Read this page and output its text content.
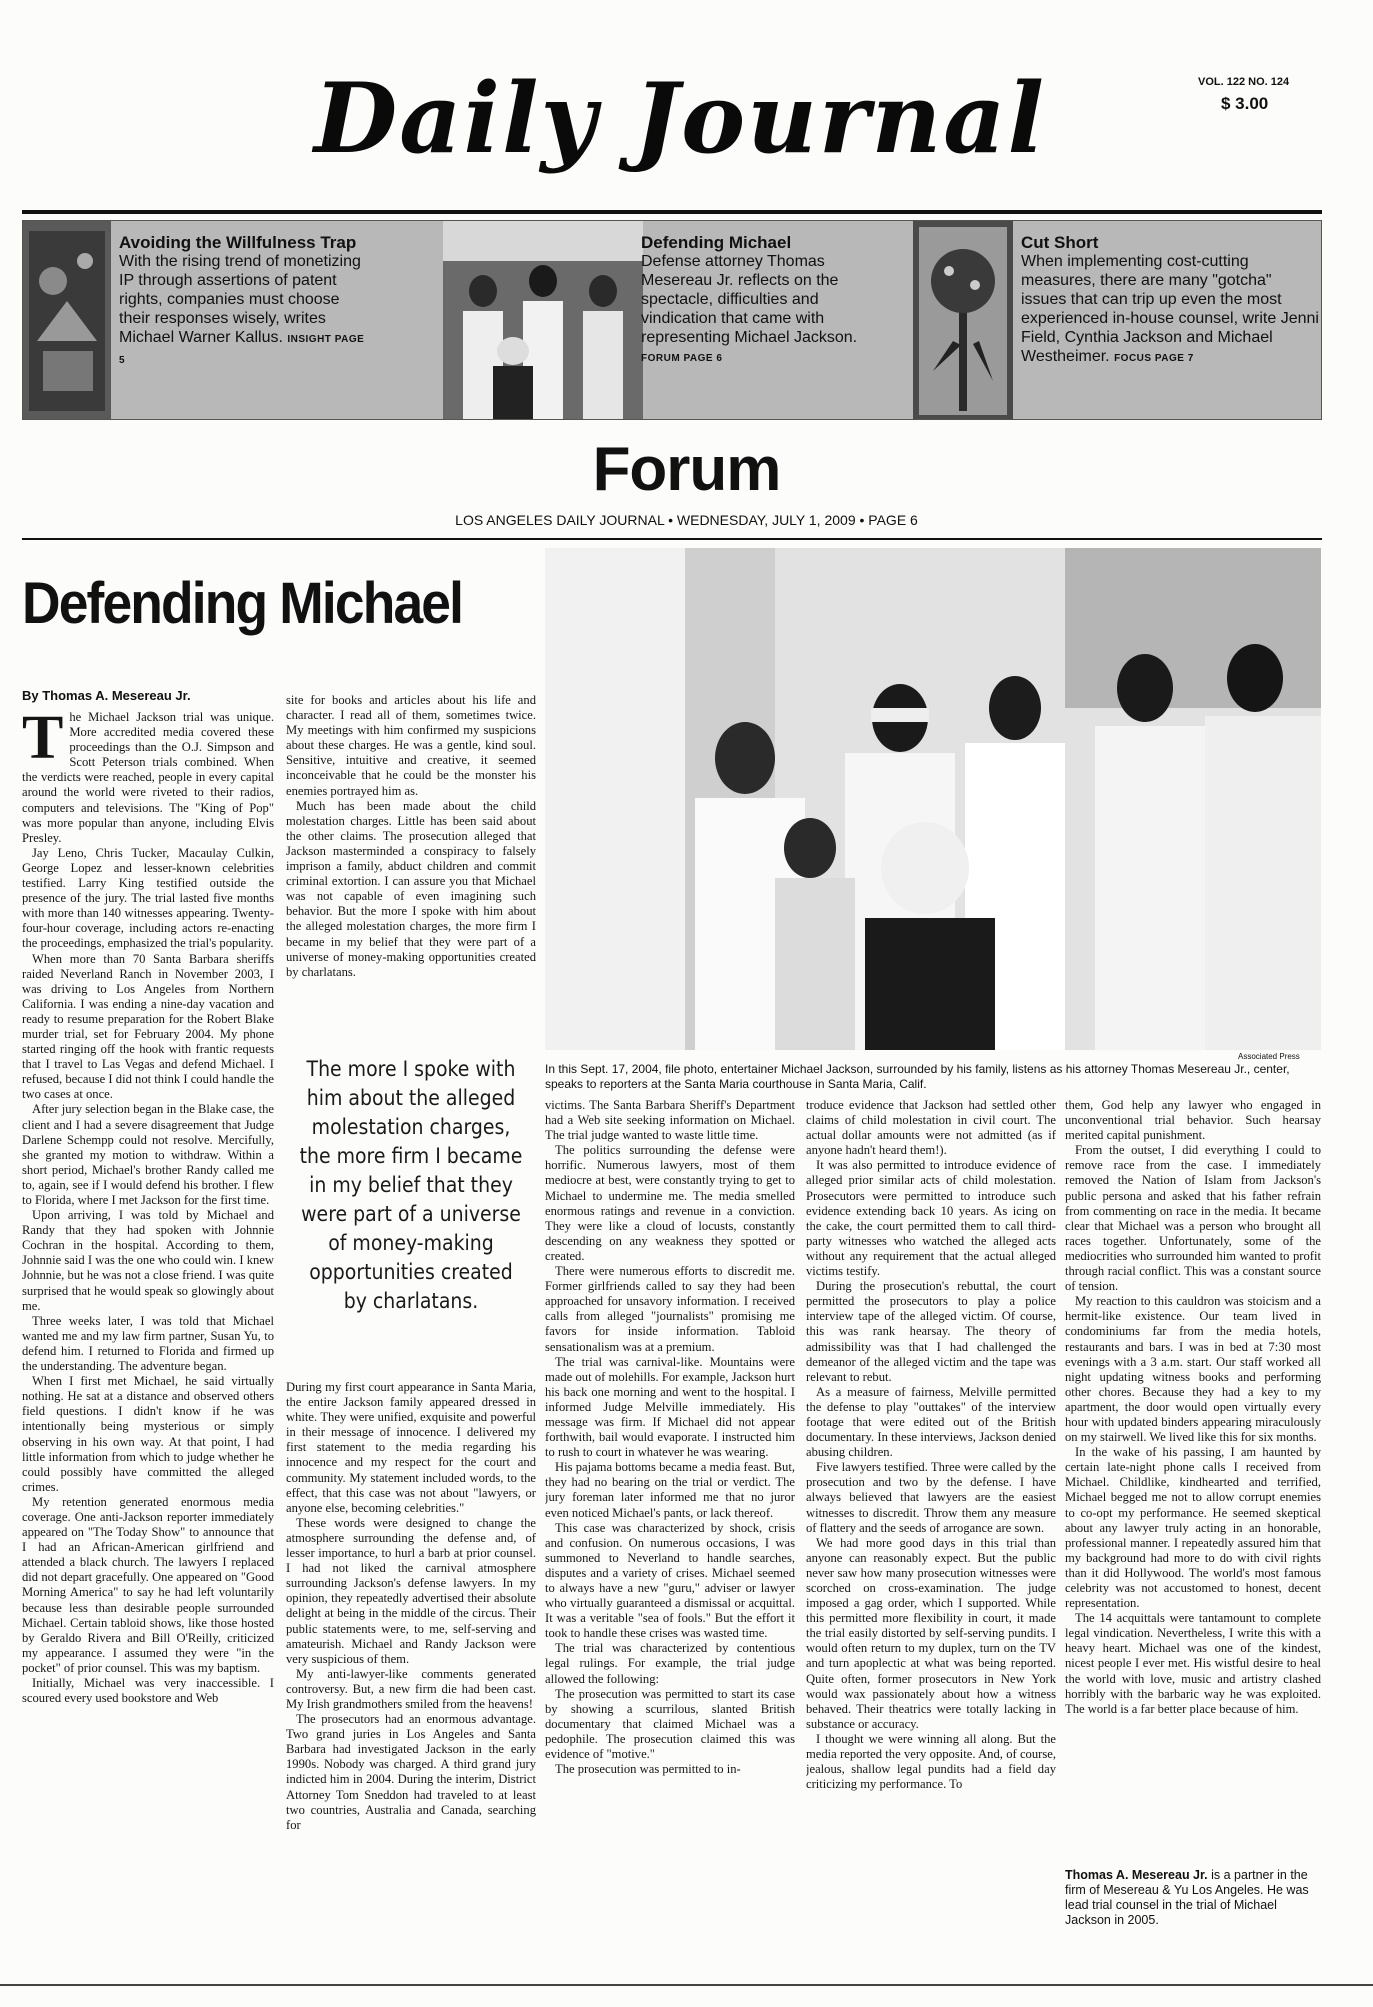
Daily Journal	VOL. 122 NO. 124
$ 3.00
Avoiding the Willfulness Trap
With the rising trend of monetizing IP through assertions of patent rights, companies must choose their responses wisely, writes Michael Warner Kallus. INSIGHT PAGE 5
Defending Michael
Defense attorney Thomas Mesereau Jr. reflects on the spectacle, difficulties and vindication that came with representing Michael Jackson. FORUM PAGE 6
Cut Short
When implementing cost-cutting measures, there are many "gotcha" issues that can trip up even the most experienced in-house counsel, write Jenni Field, Cynthia Jackson and Michael Westheimer. FOCUS PAGE 7
Forum
LOS ANGELES DAILY JOURNAL • WEDNESDAY, JULY 1, 2009 • PAGE 6
Defending Michael
By Thomas A. Mesereau Jr.
T he Michael Jackson trial was unique. More accredited media covered these proceedings than the O.J. Simpson and Scott Peterson trials combined. When the verdicts were reached, people in every capital around the world were riveted to their radios, computers and televisions. The "King of Pop" was more popular than anyone, including Elvis Presley.

Jay Leno, Chris Tucker, Macaulay Culkin, George Lopez and lesser-known celebrities testified. Larry King testified outside the presence of the jury. The trial lasted five months with more than 140 witnesses appearing. Twenty-four-hour coverage, including actors re-enacting the proceedings, emphasized the trial's popularity.

When more than 70 Santa Barbara sheriffs raided Neverland Ranch in November 2003, I was driving to Los Angeles from Northern California. I was ending a nine-day vacation and ready to resume preparation for the Robert Blake murder trial, set for February 2004. My phone started ringing off the hook with frantic requests that I travel to Las Vegas and defend Michael. I refused, because I did not think I could handle the two cases at once.

After jury selection began in the Blake case, the client and I had a severe disagreement that Judge Darlene Schempp could not resolve. Mercifully, she granted my motion to withdraw. Within a short period, Michael's brother Randy called me to, again, see if I would defend his brother. I flew to Florida, where I met Jackson for the first time.

Upon arriving, I was told by Michael and Randy that they had spoken with Johnnie Cochran in the hospital. According to them, Johnnie said I was the one who could win. I knew Johnnie, but he was not a close friend. I was quite surprised that he would speak so glowingly about me.

Three weeks later, I was told that Michael wanted me and my law firm partner, Susan Yu, to defend him. I returned to Florida and firmed up the understanding. The adventure began.

When I first met Michael, he said virtually nothing. He sat at a distance and observed others field questions. I didn't know if he was intentionally being mysterious or simply observing in his own way. At that point, I had little information from which to judge whether he could possibly have committed the alleged crimes.

My retention generated enormous media coverage. One anti-Jackson reporter immediately appeared on "The Today Show" to announce that I had an African-American girlfriend and attended a black church. The lawyers I replaced did not depart gracefully. One appeared on "Good Morning America" to say he had left voluntarily because less than desirable people surrounded Michael. Certain tabloid shows, like those hosted by Geraldo Rivera and Bill O'Reilly, criticized my appearance. I assumed they were "in the pocket" of prior counsel. This was my baptism.

Initially, Michael was very inaccessible. I scoured every used bookstore and Web

site for books and articles about his life and character. I read all of them, sometimes twice. My meetings with him confirmed my suspicions about these charges. He was a gentle, kind soul. Sensitive, intuitive and creative, it seemed inconceivable that he could be the monster his enemies portrayed him as.

Much has been made about the child molestation charges. Little has been said about the other claims. The prosecution alleged that Jackson masterminded a conspiracy to falsely imprison a family, abduct children and commit criminal extortion. I can assure you that Michael was not capable of even imagining such behavior. But the more I spoke with him about the alleged molestation charges, the more firm I became in my belief that they were part of a universe of money-making opportunities created by charlatans.

The more I spoke with him about the alleged molestation charges, the more firm I became in my belief that they were part of a universe of money-making opportunities created by charlatans.

During my first court appearance in Santa Maria, the entire Jackson family appeared dressed in white. They were unified, exquisite and powerful in their message of innocence. I delivered my first statement to the media regarding his innocence and my respect for the court and community. My statement included words, to the effect, that this case was not about "lawyers, or anyone else, becoming celebrities."

These words were designed to change the atmosphere surrounding the defense and, of lesser importance, to hurl a barb at prior counsel. I had not liked the carnival atmosphere surrounding Jackson's defense lawyers. In my opinion, they repeatedly advertised their absolute delight at being in the middle of the circus. Their public statements were, to me, self-serving and amateurish. Michael and Randy Jackson were very suspicious of them.

My anti-lawyer-like comments generated controversy. But, a new firm die had been cast. My Irish grandmothers smiled from the heavens!

The prosecutors had an enormous advantage. Two grand juries in Los Angeles and Santa Barbara had investigated Jackson in the early 1990s. Nobody was charged. A third grand jury indicted him in 2004. During the interim, District Attorney Tom Sneddon had traveled to at least two countries, Australia and Canada, searching for

Associated Press
In this Sept. 17, 2004, file photo, entertainer Michael Jackson, surrounded by his family, listens as his attorney Thomas Mesereau Jr., center, speaks to reporters at the Santa Maria courthouse in Santa Maria, Calif.

victims. The Santa Barbara Sheriff's Department had a Web site seeking information on Michael. The trial judge wanted to waste little time.

The politics surrounding the defense were horrific. Numerous lawyers, most of them mediocre at best, were constantly trying to get to Michael to undermine me. The media smelled enormous ratings and revenue in a conviction. They were like a cloud of locusts, constantly descending on any weakness they spotted or created.

There were numerous efforts to discredit me. Former girlfriends called to say they had been approached for unsavory information. I received calls from alleged "journalists" promising me favors for inside information. Tabloid sensationalism was at a premium.

The trial was carnival-like. Mountains were made out of molehills. For example, Jackson hurt his back one morning and went to the hospital. I informed Judge Melville immediately. His message was firm. If Michael did not appear forthwith, bail would evaporate. I instructed him to rush to court in whatever he was wearing.

His pajama bottoms became a media feast. But, they had no bearing on the trial or verdict. The jury foreman later informed me that no juror even noticed Michael's pants, or lack thereof.

This case was characterized by shock, crisis and confusion. On numerous occasions, I was summoned to Neverland to handle searches, disputes and a variety of crises. Michael seemed to always have a new "guru," adviser or lawyer who virtually guaranteed a dismissal or acquittal. It was a veritable "sea of fools." But the effort it took to handle these crises was wasted time.

The trial was characterized by contentious legal rulings. For example, the trial judge allowed the following:

The prosecution was permitted to start its case by showing a scurrilous, slanted British documentary that claimed Michael was a pedophile. The prosecution claimed this was evidence of "motive."

The prosecution was permitted to in-

troduce evidence that Jackson had settled other claims of child molestation in civil court. The actual dollar amounts were not admitted (as if anyone hadn't heard them!).

It was also permitted to introduce evidence of alleged prior similar acts of child molestation. Prosecutors were permitted to introduce such evidence extending back 10 years. As icing on the cake, the court permitted them to call third-party witnesses who watched the alleged acts without any requirement that the actual alleged victims testify.

During the prosecution's rebuttal, the court permitted the prosecutors to play a police interview tape of the alleged victim. Of course, this was rank hearsay. The theory of admissibility was that I had challenged the demeanor of the alleged victim and the tape was relevant to rebut.

As a measure of fairness, Melville permitted the defense to play "outtakes" of the interview footage that were edited out of the British documentary. In these interviews, Jackson denied abusing children.

Five lawyers testified. Three were called by the prosecution and two by the defense. I have always believed that lawyers are the easiest witnesses to discredit. Throw them any measure of flattery and the seeds of arrogance are sown.

We had more good days in this trial than anyone can reasonably expect. But the public never saw how many prosecution witnesses were scorched on cross-examination. The judge imposed a gag order, which I supported. While this permitted more flexibility in court, it made the trial easily distorted by self-serving pundits. I would often return to my duplex, turn on the TV and turn apoplectic at what was being reported. Quite often, former prosecutors in New York would wax passionately about how a witness behaved. Their theatrics were totally lacking in substance or accuracy.

I thought we were winning all along. But the media reported the very opposite. And, of course, jealous, shallow legal pundits had a field day criticizing my performance. To

them, God help any lawyer who engaged in unconventional trial behavior. Such hearsay merited capital punishment.

From the outset, I did everything I could to remove race from the case. I immediately removed the Nation of Islam from Jackson's public persona and asked that his father refrain from commenting on race in the media. It became clear that Michael was a person who brought all races together. Unfortunately, some of the mediocrities who surrounded him wanted to profit through racial conflict. This was a constant source of tension.

My reaction to this cauldron was stoicism and a hermit-like existence. Our team lived in condominiums far from the media hotels, restaurants and bars. I was in bed at 7:30 most evenings with a 3 a.m. start. Our staff worked all night updating witness books and performing other chores. Because they had a key to my apartment, the door would open virtually every hour with updated binders appearing miraculously on my stairwell. We lived like this for six months.

In the wake of his passing, I am haunted by certain late-night phone calls I received from Michael. Childlike, kindhearted and terrified, Michael begged me not to allow corrupt enemies to co-opt my performance. He seemed skeptical about any lawyer truly acting in an honorable, professional manner. I repeatedly assured him that my background had more to do with civil rights than it did Hollywood. The world's most famous celebrity was not accustomed to honest, decent representation.

The 14 acquittals were tantamount to complete legal vindication. Nevertheless, I write this with a heavy heart. Michael was one of the kindest, nicest people I ever met. His wistful desire to heal the world with love, music and artistry clashed horribly with the barbaric way he was exploited. The world is a far better place because of him.

Thomas A. Mesereau Jr. is a partner in the firm of Mesereau & Yu Los Angeles. He was lead trial counsel in the trial of Michael Jackson in 2005.
